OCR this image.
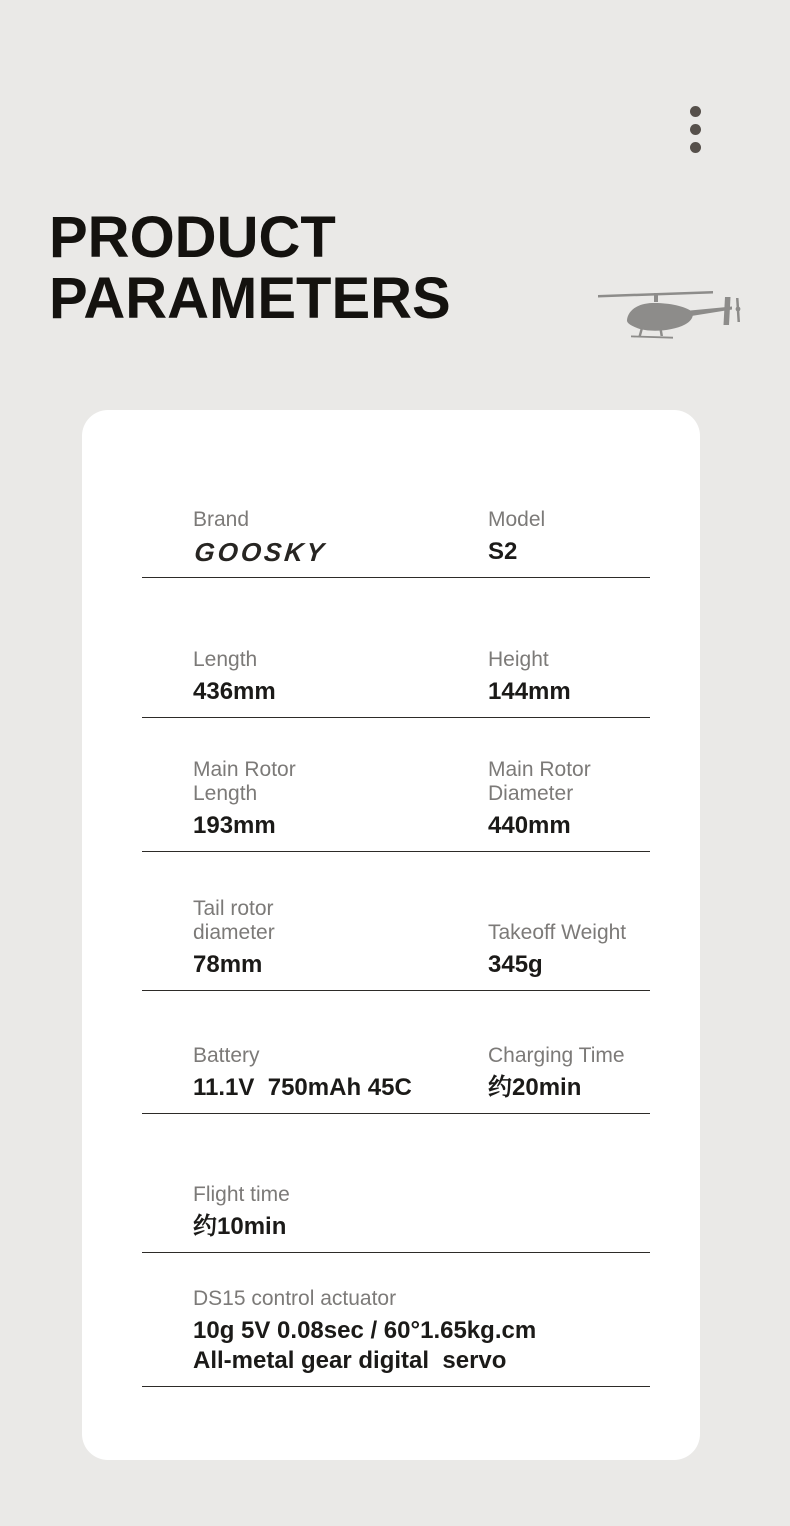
PRODUCT
PARAMETERS
Brand
GOOSKY
Model
S2
Length
436mm
Height
144mm
Main Rotor
Length
193mm
Main Rotor
Diameter
440mm
Tail rotor
diameter
78mm
Takeoff Weight
345g
Battery
11.1V  750mAh 45C
Charging Time
约20min
Flight time
约10min
DS15 control actuator
10g 5V 0.08sec / 60°1.65kg.cm
All-metal gear digital  servo
